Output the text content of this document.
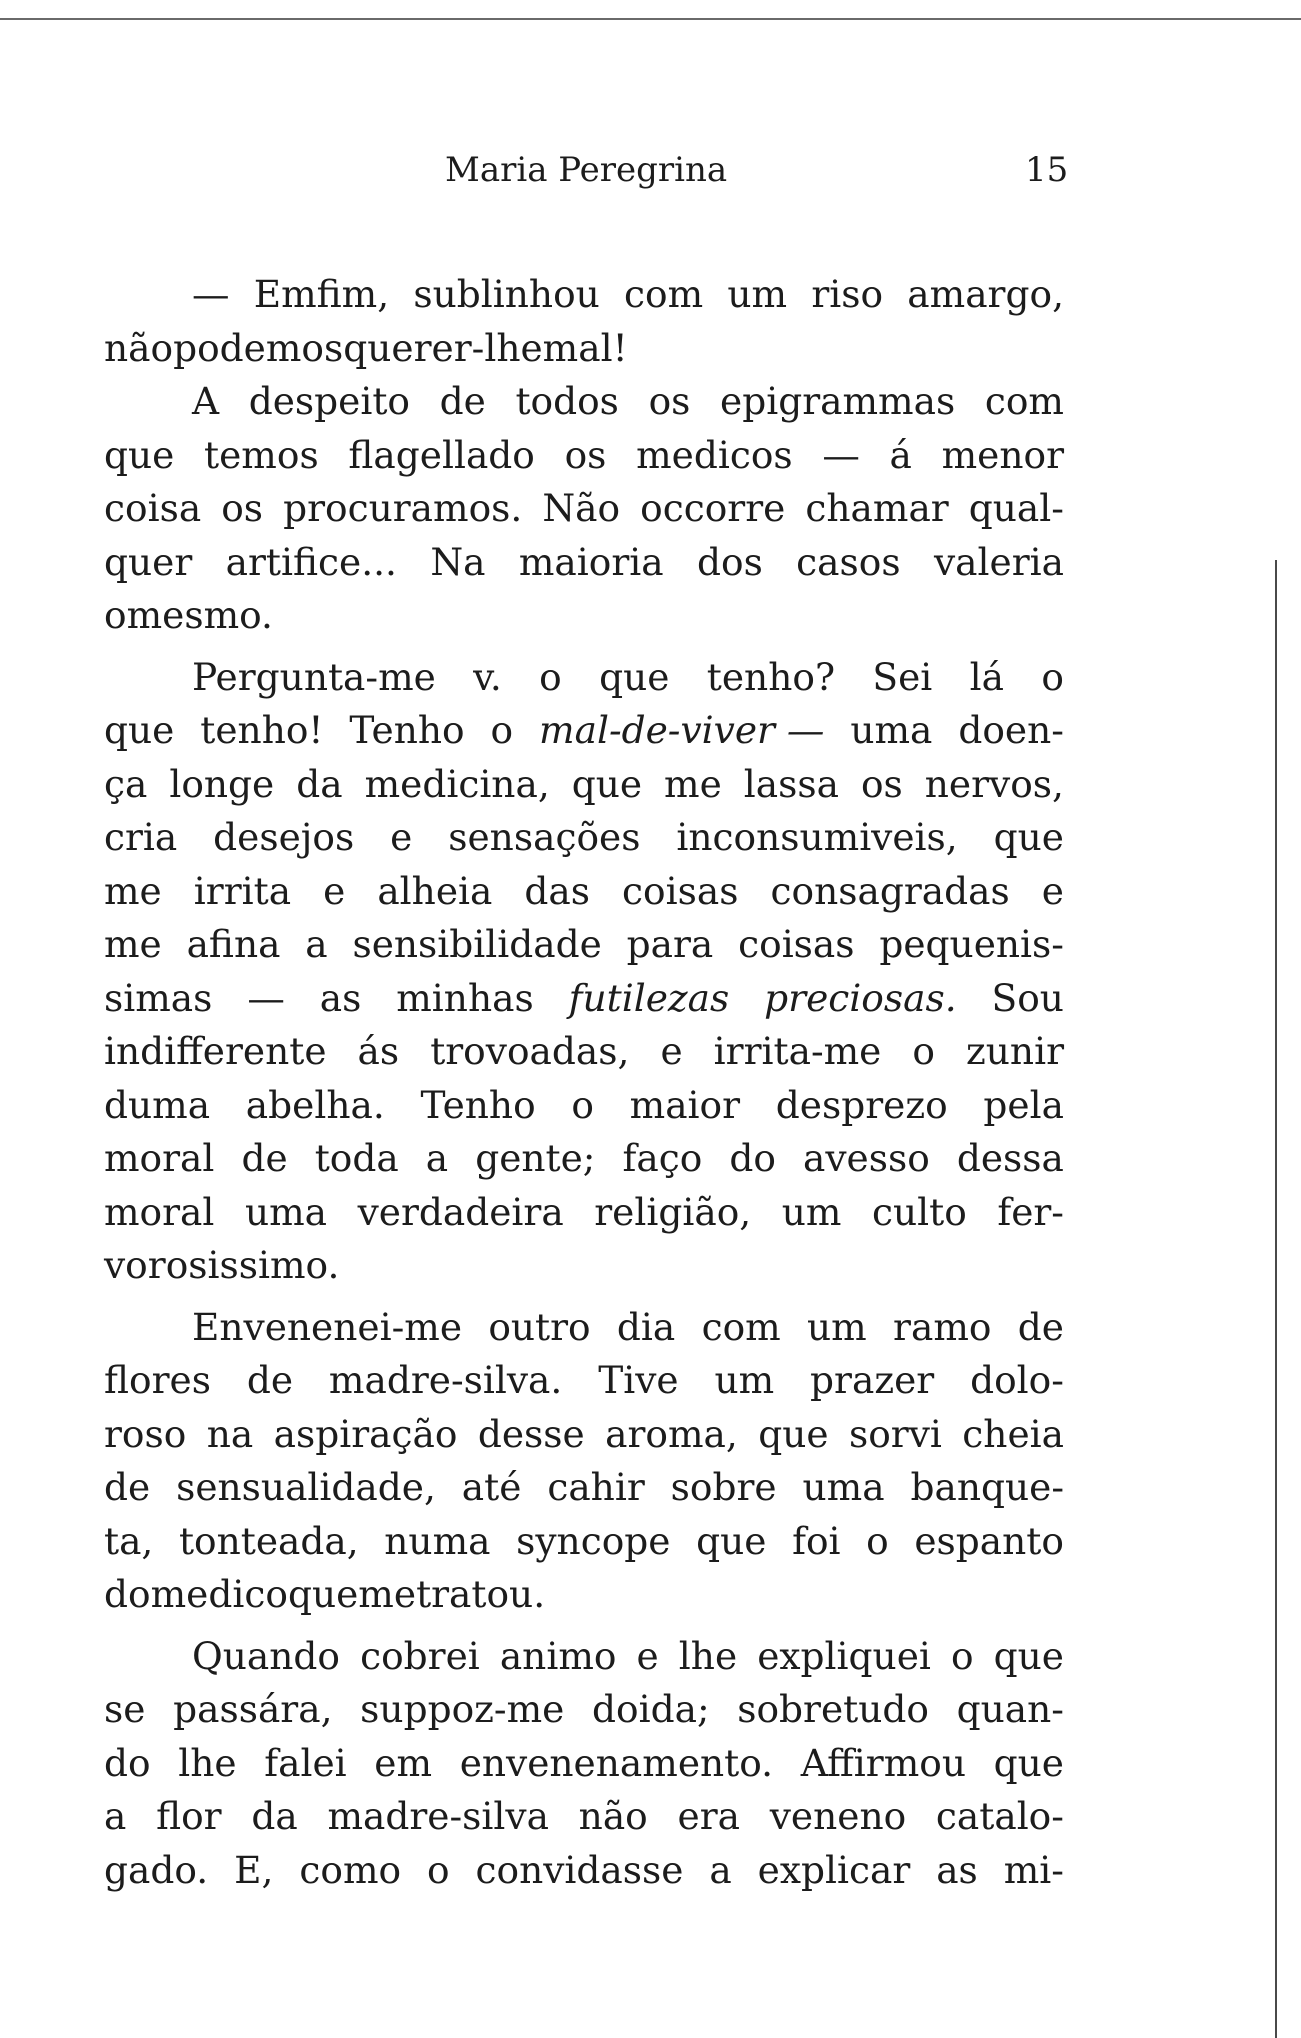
Maria Peregrina	15
— Emfim, sublinhou com um riso amargo,
não podemos querer-lhe mal!
A despeito de todos os epigrammas com
que temos flagellado os medicos — á menor
coisa os procuramos. Não occorre chamar qual-
quer artifice... Na maioria dos casos valeria
o mesmo.
Pergunta-me v. o que tenho? Sei lá o
que tenho! Tenho o mal-de-viver — uma doen-
ça longe da medicina, que me lassa os nervos,
cria desejos e sensações inconsumiveis, que
me irrita e alheia das coisas consagradas e
me afina a sensibilidade para coisas pequenis-
simas — as minhas futilezas preciosas. Sou
indifferente ás trovoadas, e irrita-me o zunir
duma abelha. Tenho o maior desprezo pela
moral de toda a gente; faço do avesso dessa
moral uma verdadeira religião, um culto fer-
vorosissimo.
Envenenei-me outro dia com um ramo de
flores de madre-silva. Tive um prazer dolo-
roso na aspiração desse aroma, que sorvi cheia
de sensualidade, até cahir sobre uma banque-
ta, tonteada, numa syncope que foi o espanto
do medico que me tratou.
Quando cobrei animo e lhe expliquei o que
se passára, suppoz-me doida; sobretudo quan-
do lhe falei em envenenamento. Affirmou que
a flor da madre-silva não era veneno catalo-
gado. E, como o convidasse a explicar as mi-
